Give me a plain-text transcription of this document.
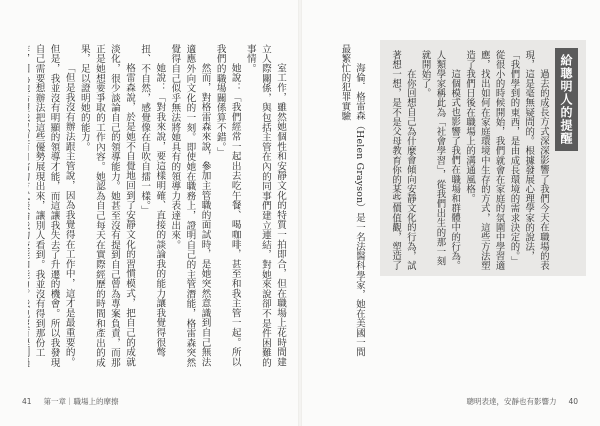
室工作，雖然她個性和安靜文化的特質一拍即合，但在職場上花時間建立人際關係，與包括主管在內的同事們建立連結，對她來說卻不是件困難的事情。

她說：「我們經常一起出去吃午餐、喝咖啡，甚至和我主管一起。所以我們的職場關係算不錯。」

然而，對格雷森來說，參加主管職的面試時，是她突然意識到自己無法適應外向文化的一刻。即使她在職務上，證明自己的主管潛能，格雷森突然覺得自己似乎無法將她具有的領導力表達出來。

她說：「對我來說，要這樣明確、直接的談論我的能力讓我覺得很彆扭、不自然，感覺像在自吹自擂一樣。」

格雷森說，於是她不自覺地回到了安靜文化的習慣模式，把自己的成就淡化，很少談論自己的領導能力。她甚至沒有提到自己曾為專案負責，而那正是她想要爭取的工作內容。她認為自己每天在實際經歷的時間和產出的成果，足以證明她的能力。

「但是我沒有辦法跟主管說，因為我覺得在工作中，這才是最重要的。但是，我並沒有明顯的領導才能，而這讓我失去了升遷的機會。所以我發現自己需要想辦法把這些優勢展現出來，讓別人看到。我並沒有得到那份工

41 第一章｜職場上的摩擦
給聰明人的提醒

過去的成長方式深深影響了我們今天在職場的表現，這是毫無疑問的。根據發展心理學家的說法，「我們學到的東西，是由成長環境的需求決定的。」從很小的時候開始，我們就會在家庭的氛圍中學習適應，找出如何在家庭環境中生存的方式，這些方法塑造了我們日後在職場上的溝通風格。

這個模式也影響了我們在職場和群體中的行為。人類學家稱此為「社會學習」，從我們出生的那一刻就開始了。

在你回想自己為什麼會傾向安靜文化的行為，試著想一想，是不是父母教育你的某些價值觀，塑造了

海倫．格雷森（Helen Grayson）是一名法醫科學家，她在美國一間最繁忙的犯罪實驗

聰明表達，安靜也有影響力 40
